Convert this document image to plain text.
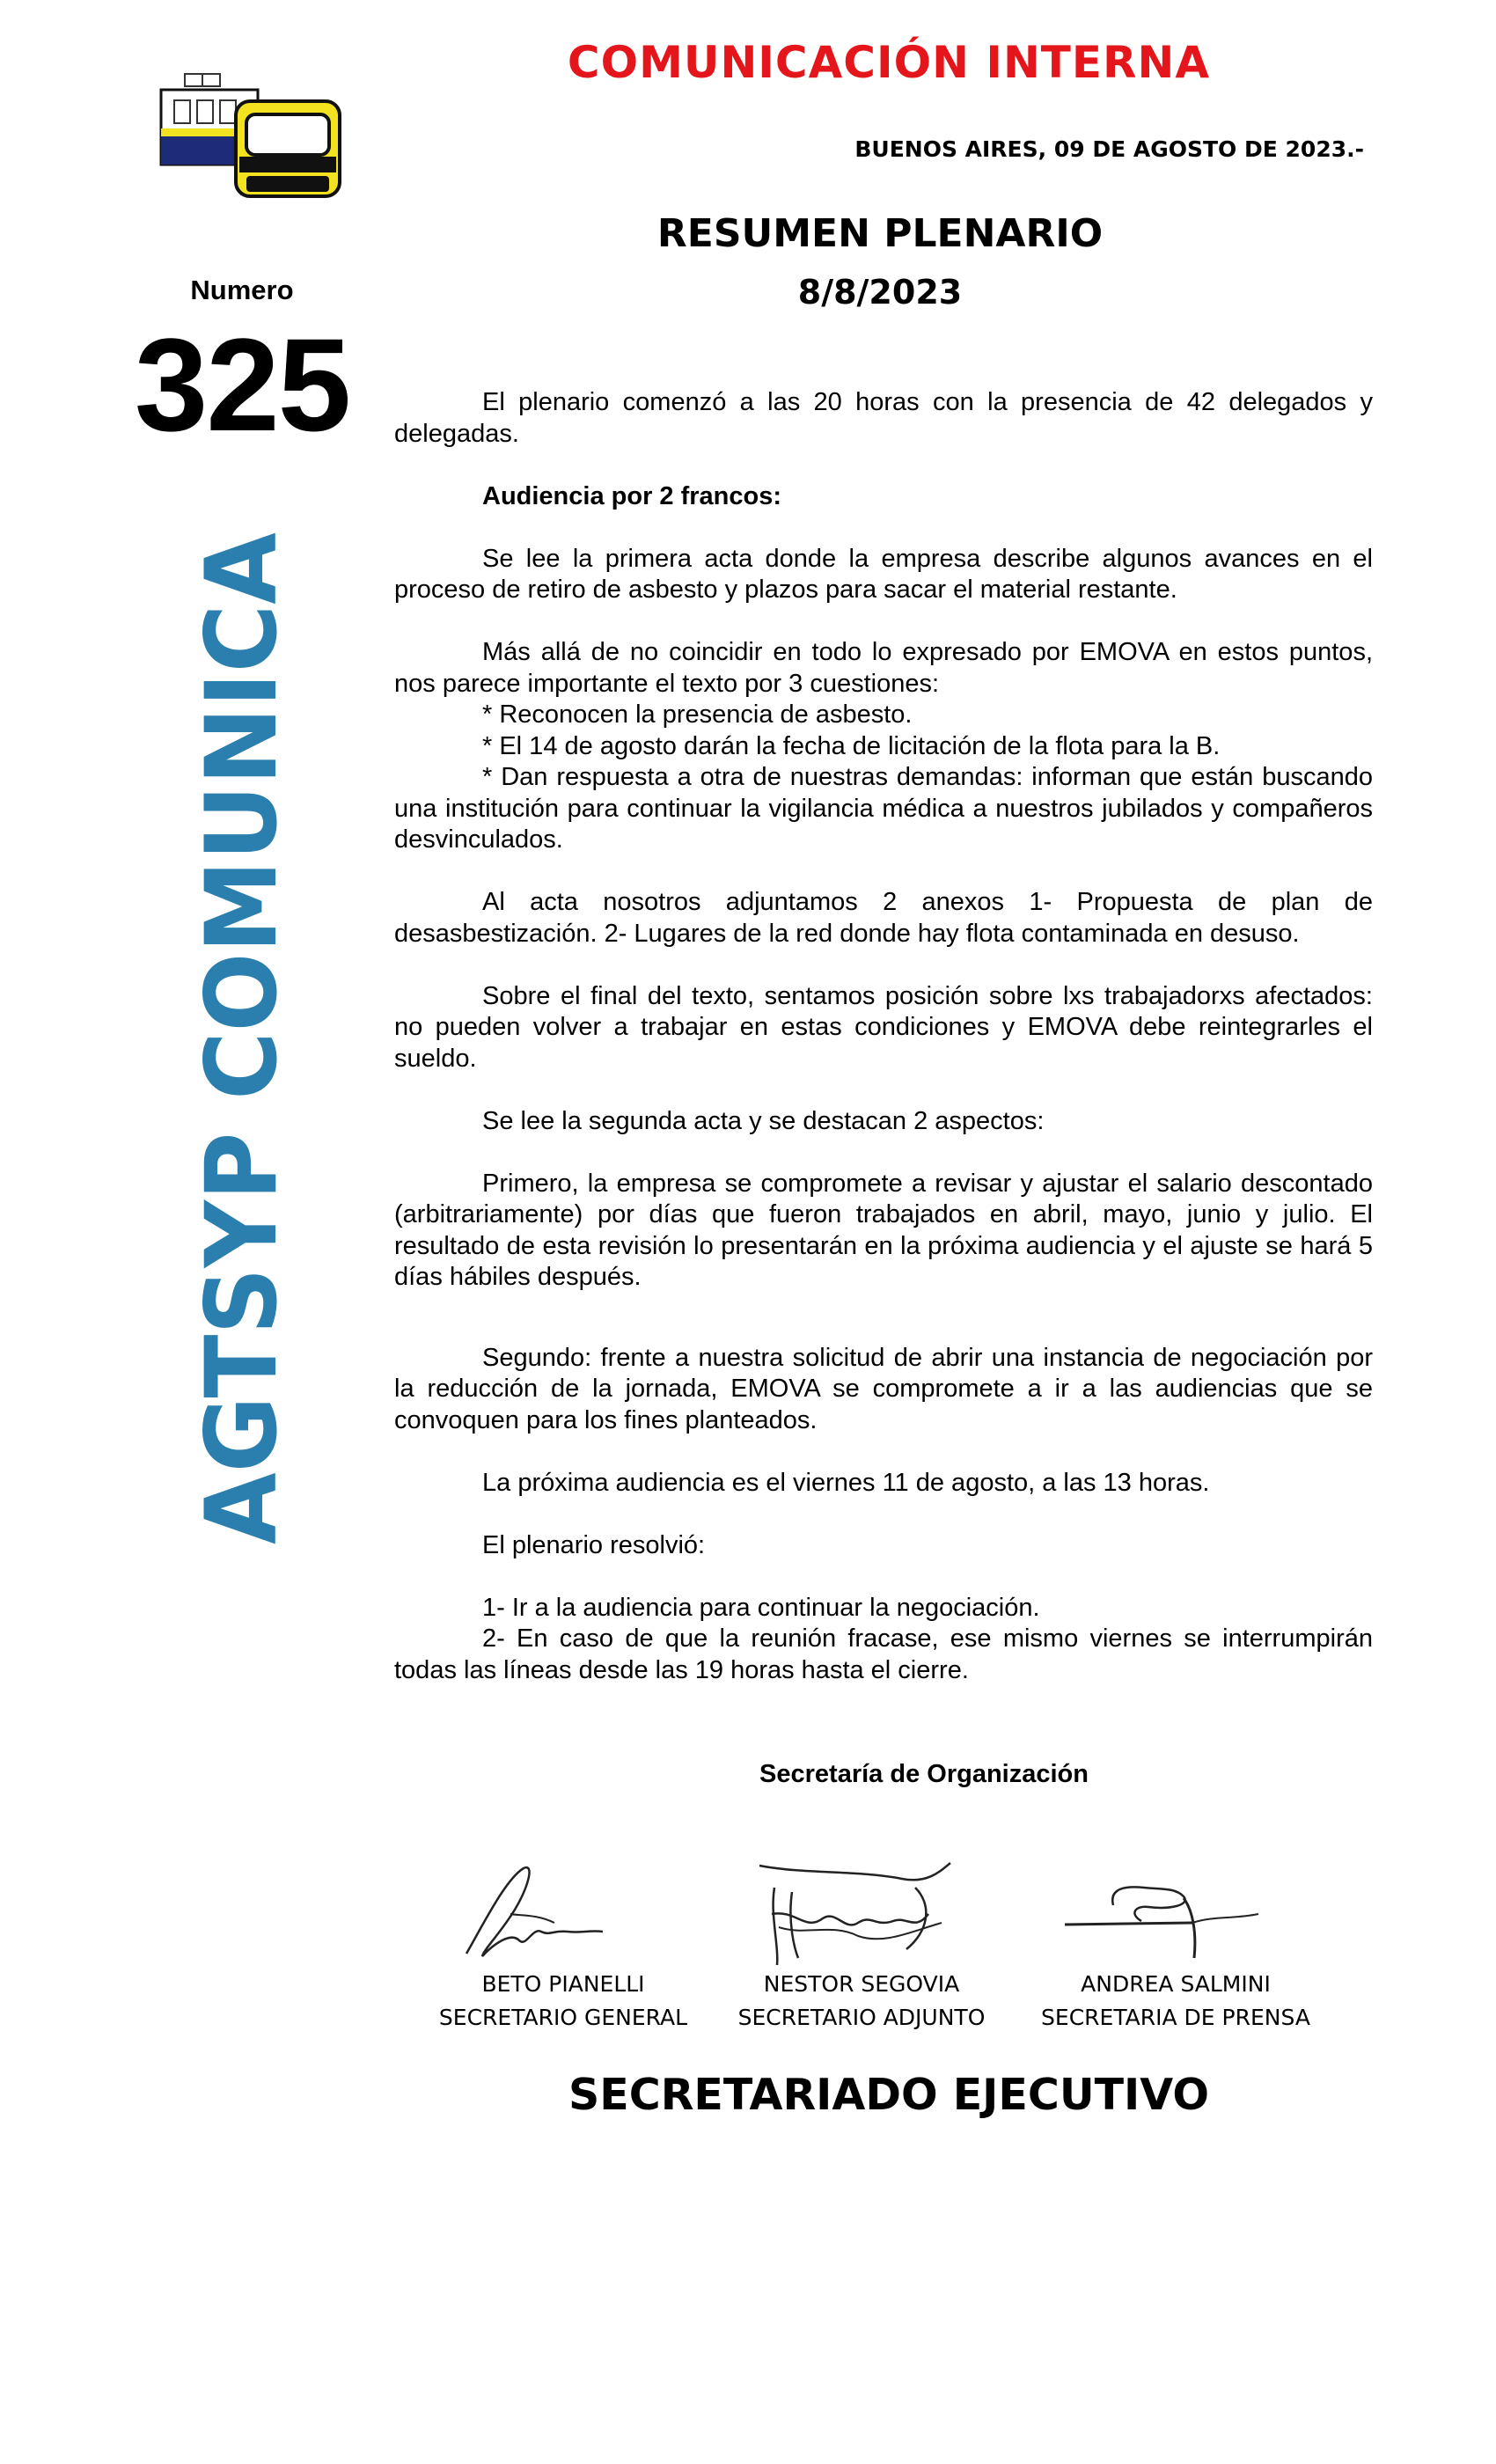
COMUNICACIÓN INTERNA
BUENOS AIRES, 09 DE AGOSTO DE 2023.-
RESUMEN PLENARIO
8/8/2023
Numero
325
AGTSYP COMUNICA

El plenario comenzó a las 20 horas con la presencia de 42 delegados y delegadas.

Audiencia por 2 francos:

Se lee la primera acta donde la empresa describe algunos avances en el proceso de retiro de asbesto y plazos para sacar el material restante.

Más allá de no coincidir en todo lo expresado por EMOVA en estos puntos, nos parece importante el texto por 3 cuestiones:

* Reconocen la presencia de asbesto.

* El 14 de agosto darán la fecha de licitación de la flota para la B.

* Dan respuesta a otra de nuestras demandas: informan que están buscando una institución para continuar la vigilancia médica a nuestros jubilados y compañeros desvinculados.

Al acta nosotros adjuntamos 2 anexos 1- Propuesta de plan de desasbestización. 2- Lugares de la red donde hay flota contaminada en desuso.

Sobre el final del texto, sentamos posición sobre lxs trabajadorxs afectados: no pueden volver a trabajar en estas condiciones y EMOVA debe reintegrarles el sueldo.

Se lee la segunda acta y se destacan 2 aspectos:

Primero, la empresa se compromete a revisar y ajustar el salario descontado (arbitrariamente) por días que fueron trabajados en abril, mayo, junio y julio. El resultado de esta revisión lo presentarán en la próxima audiencia y el ajuste se hará 5 días hábiles después.

Segundo: frente a nuestra solicitud de abrir una instancia de negociación por la reducción de la jornada, EMOVA se compromete a ir a las audiencias que se convoquen para los fines planteados.

La próxima audiencia es el viernes 11 de agosto, a las 13 horas.

El plenario resolvió:

1- Ir a la audiencia para continuar la negociación.

2- En caso de que la reunión fracase, ese mismo viernes se interrumpirán todas las líneas desde las 19 horas hasta el cierre.

Secretaría de Organización
BETO PIANELLI
SECRETARIO GENERAL
NESTOR SEGOVIA
SECRETARIO ADJUNTO
ANDREA SALMINI
SECRETARIA DE PRENSA
SECRETARIADO EJECUTIVO
